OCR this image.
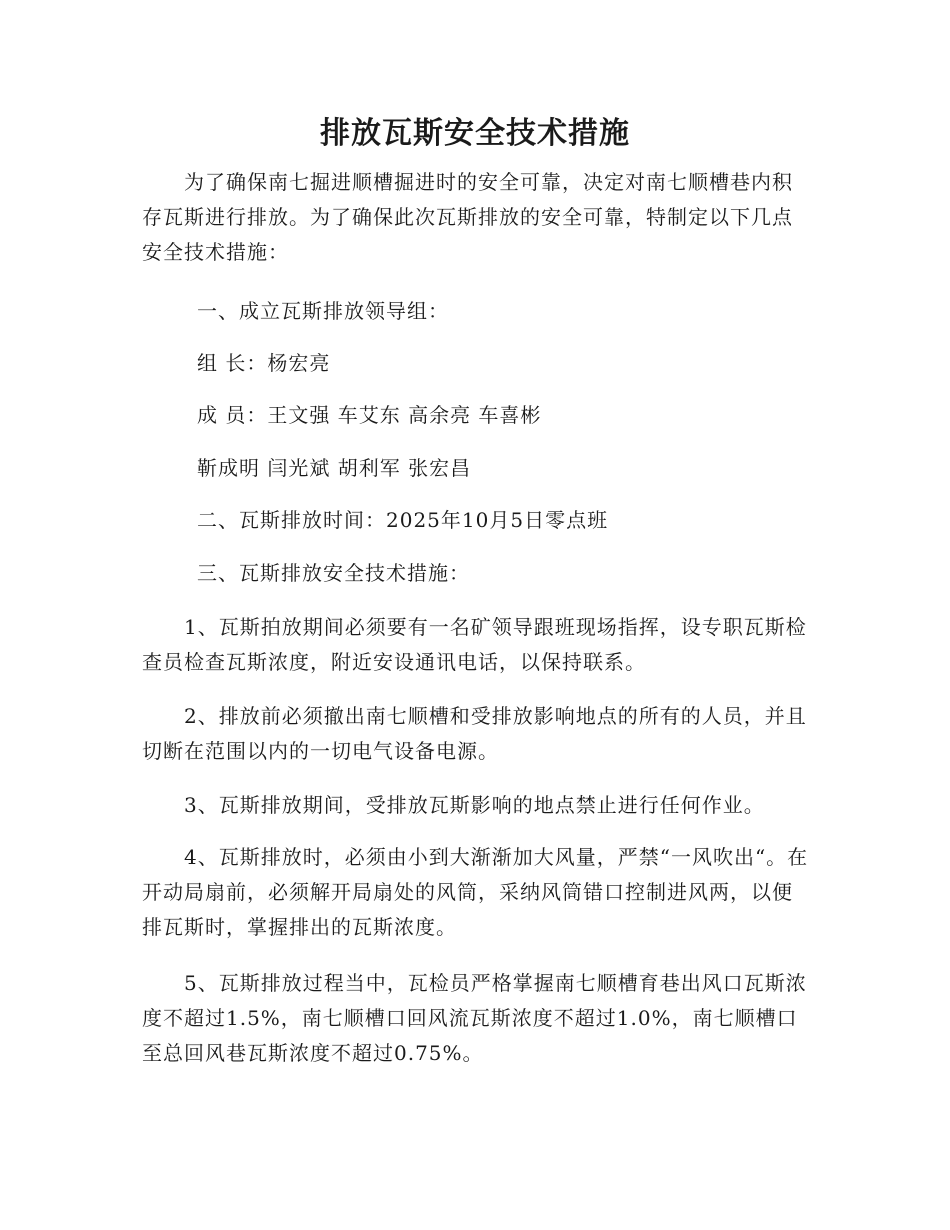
排放瓦斯安全技术措施

为了确保南七掘进顺槽掘进时的安全可靠，决定对南七顺槽巷内积存瓦斯进行排放。为了确保此次瓦斯排放的安全可靠，特制定以下几点安全技术措施：

一、成立瓦斯排放领导组：

组 长：杨宏亮

成 员：王文强 车艾东 高余亮 车喜彬

靳成明 闫光斌 胡利军 张宏昌

二、瓦斯排放时间：2025年10月5日零点班

三、瓦斯排放安全技术措施：

1、瓦斯拍放期间必须要有一名矿领导跟班现场指挥，设专职瓦斯检查员检查瓦斯浓度，附近安设通讯电话，以保持联系。

2、排放前必须撤出南七顺槽和受排放影响地点的所有的人员，并且切断在范围以内的一切电气设备电源。

3、瓦斯排放期间，受排放瓦斯影响的地点禁止进行任何作业。

4、瓦斯排放时，必须由小到大渐渐加大风量，严禁“一风吹出“。在开动局扇前，必须解开局扇处的风筒，采纳风筒错口控制进风两，以便排瓦斯时，掌握排出的瓦斯浓度。

5、瓦斯排放过程当中，瓦检员严格掌握南七顺槽育巷出风口瓦斯浓度不超过1.5%，南七顺槽口回风流瓦斯浓度不超过1.0%，南七顺槽口至总回风巷瓦斯浓度不超过0.75%。
